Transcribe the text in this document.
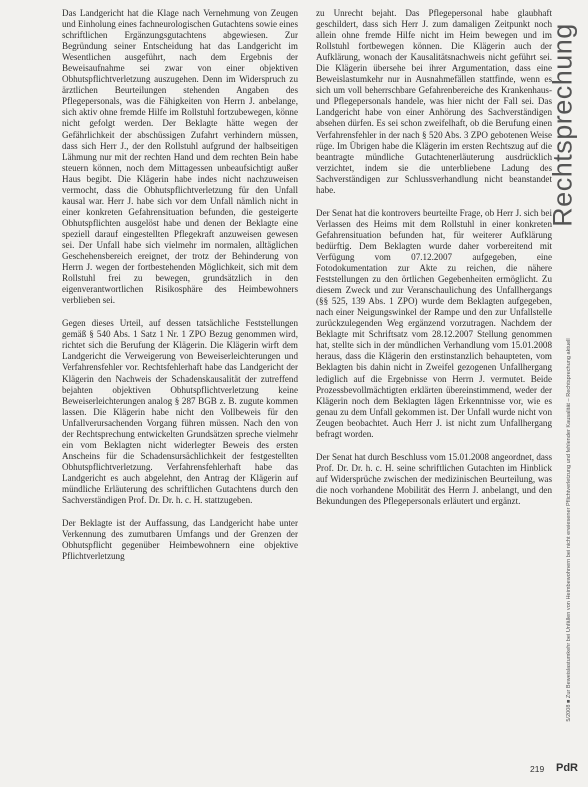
Das Landgericht hat die Klage nach Vernehmung von Zeugen und Einholung eines fachneurologischen Gutachtens sowie eines schriftlichen Ergänzungsgutachtens abgewiesen. Zur Begründung seiner Entscheidung hat das Landgericht im Wesentlichen ausgeführt, nach dem Ergebnis der Beweisaufnahme sei zwar von einer objektiven Obhutspflichtverletzung auszugehen. Denn im Widerspruch zu ärztlichen Beurteilungen stehenden Angaben des Pflegepersonals, was die Fähigkeiten von Herrn J. anbelange, sich aktiv ohne fremde Hilfe im Rollstuhl fortzubewegen, könne nicht gefolgt werden. Der Beklagte hätte wegen der Gefährlichkeit der abschüssigen Zufahrt verhindern müssen, dass sich Herr J., der den Rollstuhl aufgrund der halbseitigen Lähmung nur mit der rechten Hand und dem rechten Bein habe steuern können, noch dem Mittagessen unbeaufsichtigt außer Haus begibt. Die Klägerin habe indes nicht nachzuweisen vermocht, dass die Obhutspflichtverletzung für den Unfall kausal war. Herr J. habe sich vor dem Unfall nämlich nicht in einer konkreten Gefahrensituation befunden, die gesteigerte Obhutspflichten ausgelöst habe und denen der Beklagte eine speziell darauf eingestellten Pflegekraft anzuweisen gewesen sei. Der Unfall habe sich vielmehr im normalen, alltäglichen Geschehensbereich ereignet, der trotz der Behinderung von Herrn J. wegen der fortbestehenden Möglichkeit, sich mit dem Rollstuhl frei zu bewegen, grundsätzlich in den eigenverantwortlichen Risikosphäre des Heimbewohners verblieben sei.

Gegen dieses Urteil, auf dessen tatsächliche Feststellungen gemäß § 540 Abs. 1 Satz 1 Nr. 1 ZPO Bezug genommen wird, richtet sich die Berufung der Klägerin. Die Klägerin wirft dem Landgericht die Verweigerung von Beweiserleichterungen und Verfahrensfehler vor. Rechtsfehlerhaft habe das Landgericht der Klägerin den Nachweis der Schadenskausalität der zutreffend bejahten objektiven Obhutspflichtverletzung keine Beweiserleichterungen analog § 287 BGB z. B. zugute kommen lassen. Die Klägerin habe nicht den Vollbeweis für den Unfallverursachenden Vorgang führen müssen. Nach den von der Rechtsprechung entwickelten Grundsätzen spreche vielmehr ein vom Beklagten nicht widerlegter Beweis des ersten Anscheins für die Schadensursächlichkeit der festgestellten Obhutspflichtverletzung. Verfahrensfehlerhaft habe das Landgericht es auch abgelehnt, den Antrag der Klägerin auf mündliche Erläuterung des schriftlichen Gutachtens durch den Sachverständigen Prof. Dr. Dr. h. c. H. stattzugeben.

Der Beklagte ist der Auffassung, das Landgericht habe unter Verkennung des zumutbaren Umfangs und der Grenzen der Obhutspflicht gegenüber Heimbewohnern eine objektive Pflichtverletzung

zu Unrecht bejaht. Das Pflegepersonal habe glaubhaft geschildert, dass sich Herr J. zum damaligen Zeitpunkt noch allein ohne fremde Hilfe nicht im Heim bewegen und im Rollstuhl fortbewegen können. Die Klägerin auch der Aufklärung, wonach der Kausalitätsnachweis nicht geführt sei. Die Klägerin übersehe bei ihrer Argumentation, dass eine Beweislastumkehr nur in Ausnahmefällen stattfinde, wenn es sich um voll beherrschbare Gefahrenbereiche des Krankenhaus- und Pflegepersonals handele, was hier nicht der Fall sei. Das Landgericht habe von einer Anhörung des Sachverständigen absehen dürfen. Es sei schon zweifelhaft, ob die Berufung einen Verfahrensfehler in der nach § 520 Abs. 3 ZPO gebotenen Weise rüge. Im Übrigen habe die Klägerin im ersten Rechtszug auf die beantragte mündliche Gutachtenerläuterung ausdrücklich verzichtet, indem sie die unterbliebene Ladung des Sachverständigen zur Schlussverhandlung nicht beanstandet habe.

Der Senat hat die kontrovers beurteilte Frage, ob Herr J. sich bei Verlassen des Heims mit dem Rollstuhl in einer konkreten Gefahrensituation befunden hat, für weiterer Aufklärung bedürftig. Dem Beklagten wurde daher vorbereitend mit Verfügung vom 07.12.2007 aufgegeben, eine Fotodokumentation zur Akte zu reichen, die nähere Feststellungen zu den örtlichen Gegebenheiten ermöglicht. Zu diesem Zweck und zur Veranschaulichung des Unfallhergangs (§§ 525, 139 Abs. 1 ZPO) wurde dem Beklagten aufgegeben, nach einer Neigungswinkel der Rampe und den zur Unfallstelle zurückzulegenden Weg ergänzend vorzutragen. Nachdem der Beklagte mit Schriftsatz vom 28.12.2007 Stellung genommen hat, stellte sich in der mündlichen Verhandlung vom 15.01.2008 heraus, dass die Klägerin den erstinstanzlich behaupteten, vom Beklagten bis dahin nicht in Zweifel gezogenen Unfallhergang lediglich auf die Ergebnisse von Herrn J. vermutet. Beide Prozessbevollmächtigten erklärten übereinstimmend, weder der Klägerin noch dem Beklagten lägen Erkenntnisse vor, wie es genau zu dem Unfall gekommen ist. Der Unfall wurde nicht von Zeugen beobachtet. Auch Herr J. ist nicht zum Unfallhergang befragt worden.

Der Senat hat durch Beschluss vom 15.01.2008 angeordnet, dass Prof. Dr. Dr. h. c. H. seine schriftlichen Gutachten im Hinblick auf Widersprüche zwischen der medizinischen Beurteilung, was die noch vorhandene Mobilität des Herrn J. anbelangt, und den Bekundungen des Pflegepersonals erläutert und ergänzt.

Rechtsprechung
5/2008 ■ Zur Beweislastumkehr bei Unfällen von Heimbewohnern bei nicht erwiesener Pflichtverletzung und fehlender Kausalität – Rechtsprechung aktuell
PdR
219
